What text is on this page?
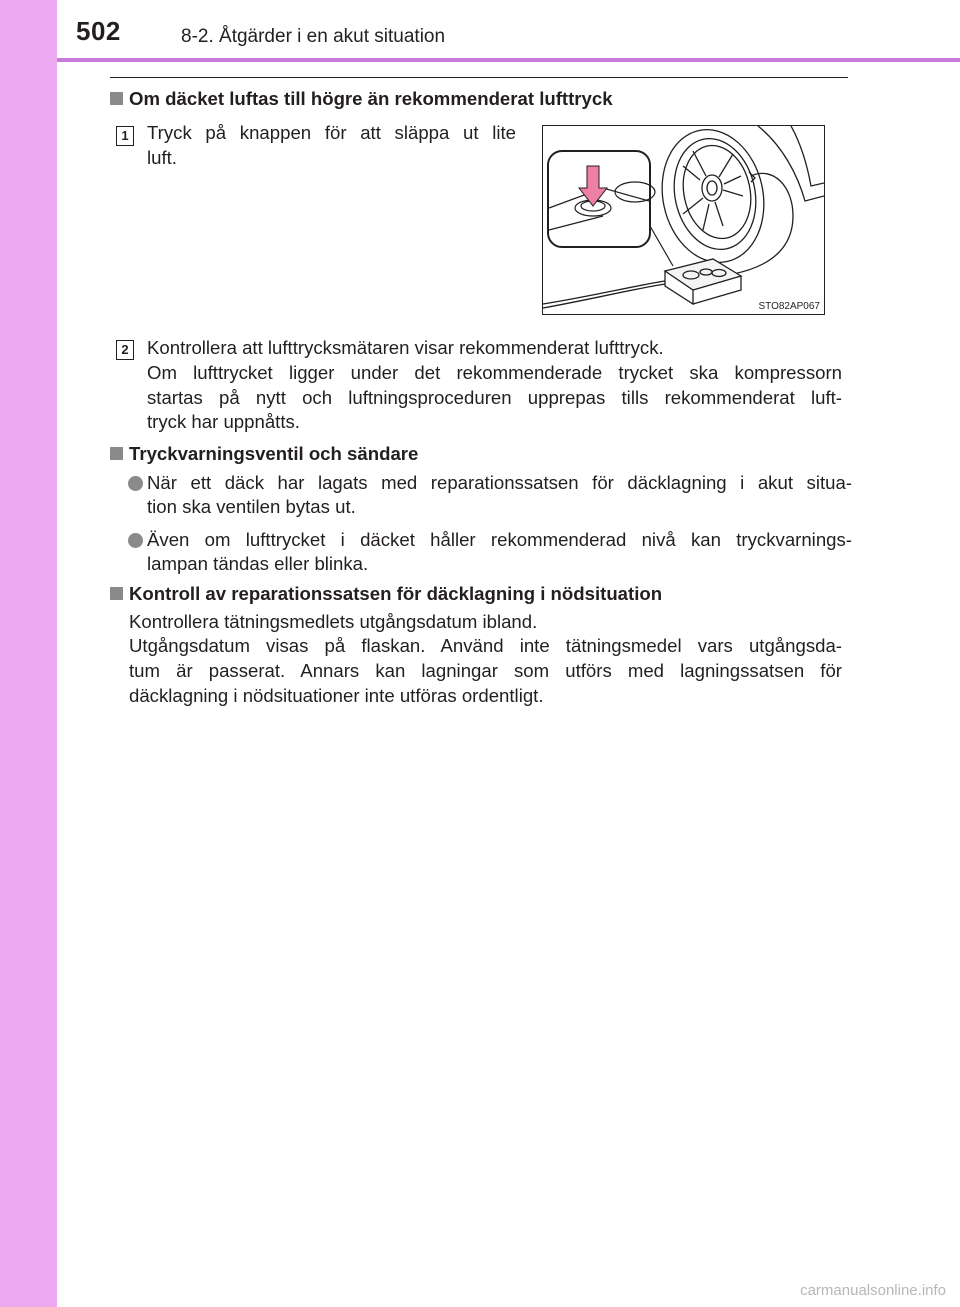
502	8-2. Åtgärder i en akut situation
Om däcket luftas till högre än rekommenderat lufttryck
1 Tryck på knappen för att släppa ut lite
luft.
STO82AP067
2 Kontrollera att lufttrycksmätaren visar rekommenderat lufttryck.
Om lufttrycket ligger under det rekommenderade trycket ska kompressorn
startas på nytt och luftningsproceduren upprepas tills rekommenderat luft-
tryck har uppnåtts.
Tryckvarningsventil och sändare
När ett däck har lagats med reparationssatsen för däcklagning i akut situa-
tion ska ventilen bytas ut.
Även om lufttrycket i däcket håller rekommenderad nivå kan tryckvarnings-
lampan tändas eller blinka.
Kontroll av reparationssatsen för däcklagning i nödsituation
Kontrollera tätningsmedlets utgångsdatum ibland.
Utgångsdatum visas på flaskan. Använd inte tätningsmedel vars utgångsda-
tum är passerat. Annars kan lagningar som utförs med lagningssatsen för
däcklagning i nödsituationer inte utföras ordentligt.
carmanualsonline.info
